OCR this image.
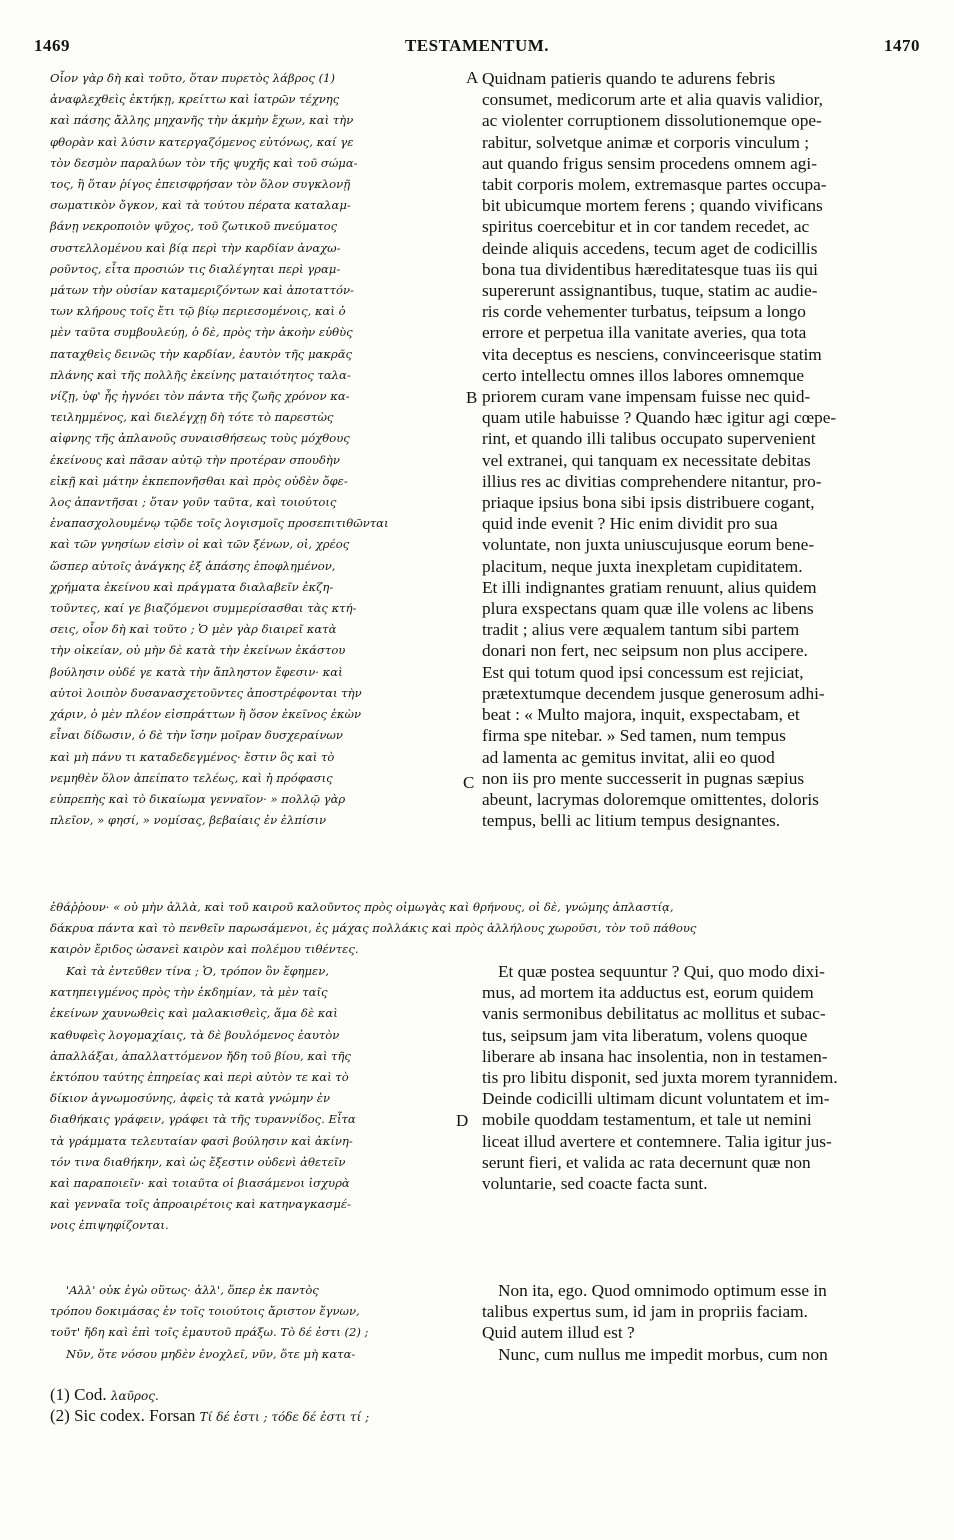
1469	TESTAMENTUM.	1470
A
B
C
D

Οἷον γὰρ δὴ καὶ τοῦτο, ὅταν πυρετὸς λάβρος (1)

ἀναφλεχθεὶς ἐκτήκῃ, κρείττω καὶ ἰατρῶν τέχνης

καὶ πάσης ἄλλης μηχανῆς τὴν ἀκμὴν ἔχων, καὶ τὴν

φθορὰν καὶ λύσιν κατεργαζόμενος εὐτόνως, καί γε

τὸν δεσμὸν παραλύων τὸν τῆς ψυχῆς καὶ τοῦ σώμα-

τος, ἢ ὅταν ῥίγος ἐπεισφρήσαν τὸν ὅλον συγκλονῇ

σωματικὸν ὄγκον, καὶ τὰ τούτου πέρατα καταλαμ-

βάνῃ νεκροποιὸν ψῦχος, τοῦ ζωτικοῦ πνεύματος

συστελλομένου καὶ βίᾳ περὶ τὴν καρδίαν ἀναχω-

ροῦντος, εἶτα προσιών τις διαλέγηται περὶ γραμ-

μάτων τὴν οὐσίαν καταμεριζόντων καὶ ἀποταττόν-

των κλήρους τοῖς ἔτι τῷ βίῳ περιεσομένοις, καὶ ὁ

μὲν ταῦτα συμβουλεύῃ, ὁ δὲ, πρὸς τὴν ἀκοὴν εὐθὺς

παταχθεὶς δεινῶς τὴν καρδίαν, ἑαυτὸν τῆς μακρᾶς

πλάνης καὶ τῆς πολλῆς ἐκείνης ματαιότητος ταλα-

νίζῃ, ὑφ' ἧς ἠγνόει τὸν πάντα τῆς ζωῆς χρόνον κα-

τειλημμένος, καὶ διελέγχῃ δὴ τότε τὸ παρεστὼς

αἰφνης τῆς ἀπλανοῦς συναισθήσεως τοὺς μόχθους

ἐκείνους καὶ πᾶσαν αὐτῷ τὴν προτέραν σπουδὴν

εἰκῇ καὶ μάτην ἐκπεπονῆσθαι καὶ πρὸς οὐδὲν ὄφε-

λος ἀπαντῆσαι ; ὅταν γοῦν ταῦτα, καὶ τοιούτοις

ἐναπασχολουμένῳ τῷδε τοῖς λογισμοῖς προσεπιτιθῶνται

καὶ τῶν γνησίων εἰσὶν οἱ καὶ τῶν ξένων, οἱ, χρέος

ὥσπερ αὐτοῖς ἀνάγκης ἐξ ἁπάσης ἐποφλημένον,

χρήματα ἐκείνου καὶ πράγματα διαλαβεῖν ἐκζη-

τοῦντες, καί γε βιαζόμενοι συμμερίσασθαι τὰς κτή-

σεις, οἷον δὴ καὶ τοῦτο ; Ὁ μὲν γὰρ διαιρεῖ κατὰ

τὴν οἰκείαν, οὐ μὴν δὲ κατὰ τὴν ἐκείνων ἑκάστου

βούλησιν οὐδέ γε κατὰ τὴν ἄπληστον ἔφεσιν· καὶ

αὐτοὶ λοιπὸν δυσανασχετοῦντες ἀποστρέφονται τὴν

χάριν, ὁ μὲν πλέον εἰσπράττων ἢ ὅσον ἐκεῖνος ἑκὼν

εἶναι δίδωσιν, ὁ δὲ τὴν ἴσην μοῖραν δυσχεραίνων

καὶ μὴ πάνυ τι καταδεδεγμένος· ἔστιν ὃς καὶ τὸ

νεμηθὲν ὅλον ἀπείπατο τελέως, καὶ ἡ πρόφασις

εὐπρεπὴς καὶ τὸ δικαίωμα γενναῖον· » πολλῷ γὰρ

πλεῖον, » φησί, » νομίσας, βεβαίαις ἐν ἐλπίσιν

Quidnam patieris quando te adurens febris

consumet, medicorum arte et alia quavis validior,

ac violenter corruptionem dissolutionemque ope-

rabitur, solvetque animæ et corporis vinculum ;

aut quando frigus sensim procedens omnem agi-

tabit corporis molem, extremasque partes occupa-

bit ubicumque mortem ferens ; quando vivificans

spiritus coercebitur et in cor tandem recedet, ac

deinde aliquis accedens, tecum aget de codicillis

bona tua dividentibus hæreditatesque tuas iis qui

supererunt assignantibus, tuque, statim ac audie-

ris corde vehementer turbatus, teipsum a longo

errore et perpetua illa vanitate averies, qua tota

vita deceptus es nesciens, convinceerisque statim

certo intellectu omnes illos labores omnemque

priorem curam vane impensam fuisse nec quid-

quam utile habuisse ? Quando hæc igitur agi cœpe-

rint, et quando illi talibus occupato supervenient

vel extranei, qui tanquam ex necessitate debitas

illius res ac divitias comprehendere nitantur, pro-

priaque ipsius bona sibi ipsis distribuere cogant,

quid inde evenit ? Hic enim dividit pro sua

voluntate, non juxta uniuscujusque eorum bene-

placitum, neque juxta inexpletam cupiditatem.

Et illi indignantes gratiam renuunt, alius quidem

plura exspectans quam quæ ille volens ac libens

tradit ; alius vere æqualem tantum sibi partem

donari non fert, nec seipsum non plus accipere.

Est qui totum quod ipsi concessum est rejiciat,

prætextumque decendem jusque generosum adhi-

beat : « Multo majora, inquit, exspectabam, et

firma spe nitebar. » Sed tamen, num tempus

ad lamenta ac gemitus invitat, alii eo quod

non iis pro mente successerit in pugnas sæpius

abeunt, lacrymas doloremque omittentes, doloris

tempus, belli ac litium tempus designantes.

ἐθάῤῥουν· « οὐ μὴν ἀλλὰ, καὶ τοῦ καιροῦ καλοῦντος πρὸς οἰμωγὰς καὶ θρήνους, οἱ δὲ, γνώμης ἀπλαστίᾳ,

δάκρυα πάντα καὶ τὸ πενθεῖν παρωσάμενοι, ἐς μάχας πολλάκις καὶ πρὸς ἀλλήλους χωροῦσι, τὸν τοῦ πάθους

καιρὸν ἔριδος ὡσανεὶ καιρὸν καὶ πολέμου τιθέντες.

Καὶ τὰ ἐντεῦθεν τίνα ; Ὁ, τρόπον ὃν ἔφημεν,

κατηπειγμένος πρὸς τὴν ἐκδημίαν, τὰ μὲν ταῖς

ἐκείνων χαυνωθεὶς καὶ μαλακισθεὶς, ἅμα δὲ καὶ

καθυφεὶς λογομαχίαις, τὰ δὲ βουλόμενος ἑαυτὸν

ἀπαλλάξαι, ἀπαλλαττόμενον ἤδη τοῦ βίου, καὶ τῆς

ἐκτόπου ταύτης ἐπηρείας καὶ περὶ αὐτὸν τε καὶ τὸ

δίκιον ἀγνωμοσύνης, ἀφεὶς τὰ κατὰ γνώμην ἐν

διαθήκαις γράφειν, γράφει τὰ τῆς τυραννίδος. Εἶτα

τὰ γράμματα τελευταίαν φασὶ βούλησιν καὶ ἀκίνη-

τόν τινα διαθήκην, καὶ ὡς ἔξεστιν οὐδενὶ ἀθετεῖν

καὶ παραποιεῖν· καὶ τοιαῦτα οἱ βιασάμενοι ἰσχυρὰ

καὶ γενναῖα τοῖς ἀπροαιρέτοις καὶ κατηναγκασμέ-

νοις ἐπιψηφίζονται.

Et quæ postea sequuntur ? Qui, quo modo dixi-

mus, ad mortem ita adductus est, eorum quidem

vanis sermonibus debilitatus ac mollitus et subac-

tus, seipsum jam vita liberatum, volens quoque

liberare ab insana hac insolentia, non in testamen-

tis pro libitu disponit, sed juxta morem tyrannidem.

Deinde codicilli ultimam dicunt voluntatem et im-

mobile quoddam testamentum, et tale ut nemini

liceat illud avertere et contemnere. Talia igitur jus-

serunt fieri, et valida ac rata decernunt quæ non

voluntarie, sed coacte facta sunt.

'Αλλ' οὐκ ἐγὼ οὕτως· ἀλλ', ὅπερ ἐκ παντὸς

τρόπου δοκιμάσας ἐν τοῖς τοιούτοις ἄριστον ἔγνων,

τοῦτ' ἤδη καὶ ἐπὶ τοῖς ἐμαυτοῦ πράξω. Τὸ δέ ἐστι (2) ;

Νῦν, ὅτε νόσου μηδὲν ἐνοχλεῖ, νῦν, ὅτε μὴ κατα-

Non ita, ego. Quod omnimodo optimum esse in

talibus expertus sum, id jam in propriis faciam.

Quid autem illud est ?

Nunc, cum nullus me impedit morbus, cum non

(1) Cod. λαῦρος.

(2) Sic codex. Forsan Τί δέ ἐστι ; τόδε δέ ἐστι τί ;
